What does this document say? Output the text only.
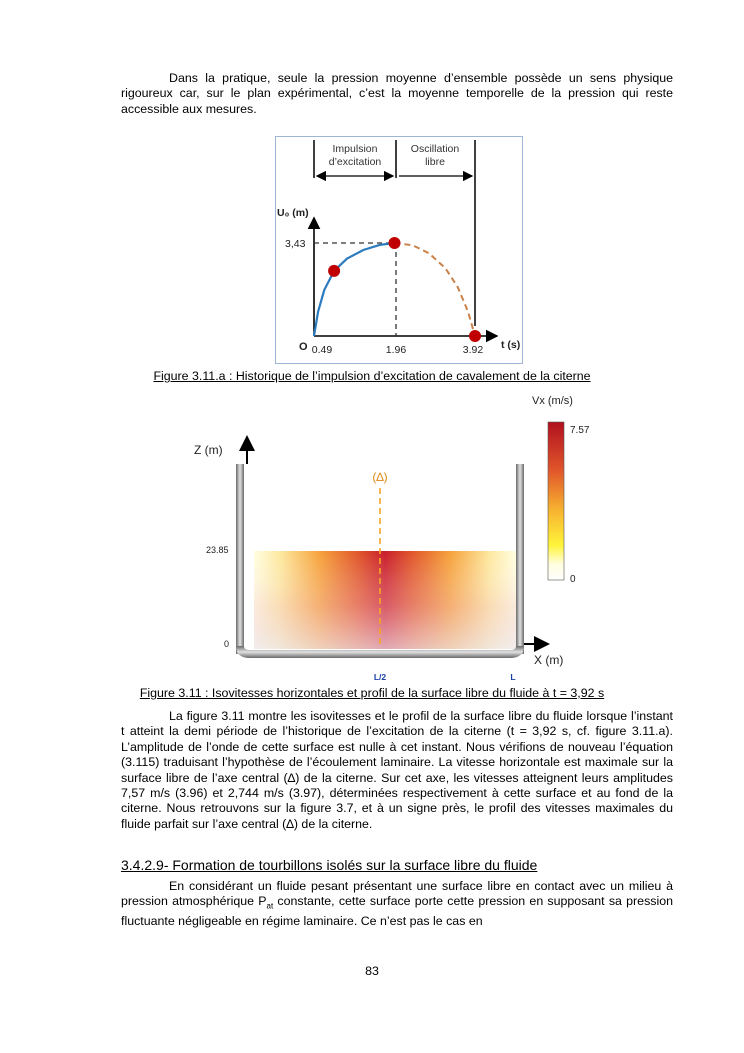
Dans la pratique, seule la pression moyenne d’ensemble possède un sens physique rigoureux car, sur le plan expérimental, c’est la moyenne temporelle de la pression qui reste accessible aux mesures.

Impulsion
d’excitation
Oscillation
libre
U₀ (m)
t (s)
O
3,43
0.49	1.96	3.92

Figure 3.11.a : Historique de l’impulsion d’excitation de cavalement de la citerne

Z (m)
23.85
0
X (m)
L/2	L
(∆)
Vx (m/s)
7.57
0

Figure 3.11 : Isovitesses horizontales et profil de la surface libre du fluide à t = 3,92 s

La figure 3.11 montre les isovitesses et le profil de la surface libre du fluide lorsque l’instant t atteint la demi période de l’historique de l’excitation de la citerne (t = 3,92 s, cf. figure 3.11.a). L’amplitude de l’onde de cette surface est nulle à cet instant. Nous vérifions de nouveau l’équation (3.115) traduisant l’hypothèse de l’écoulement laminaire. La vitesse horizontale est maximale sur la surface libre de l’axe central (∆) de la citerne. Sur cet axe, les vitesses atteignent leurs amplitudes 7,57 m/s (3.96) et 2,744 m/s (3.97), déterminées respectivement à cette surface et au fond de la citerne. Nous retrouvons sur la figure 3.7, et à un signe près, le profil des vitesses maximales du fluide parfait sur l’axe central (∆) de la citerne.

3.4.2.9- Formation de tourbillons isolés sur la surface libre du fluide

En considérant un fluide pesant présentant une surface libre en contact avec un milieu à pression atmosphérique $P_{at}$ constante, cette surface porte cette pression en supposant sa pression fluctuante négligeable en régime laminaire. Ce n’est pas le cas en

83
